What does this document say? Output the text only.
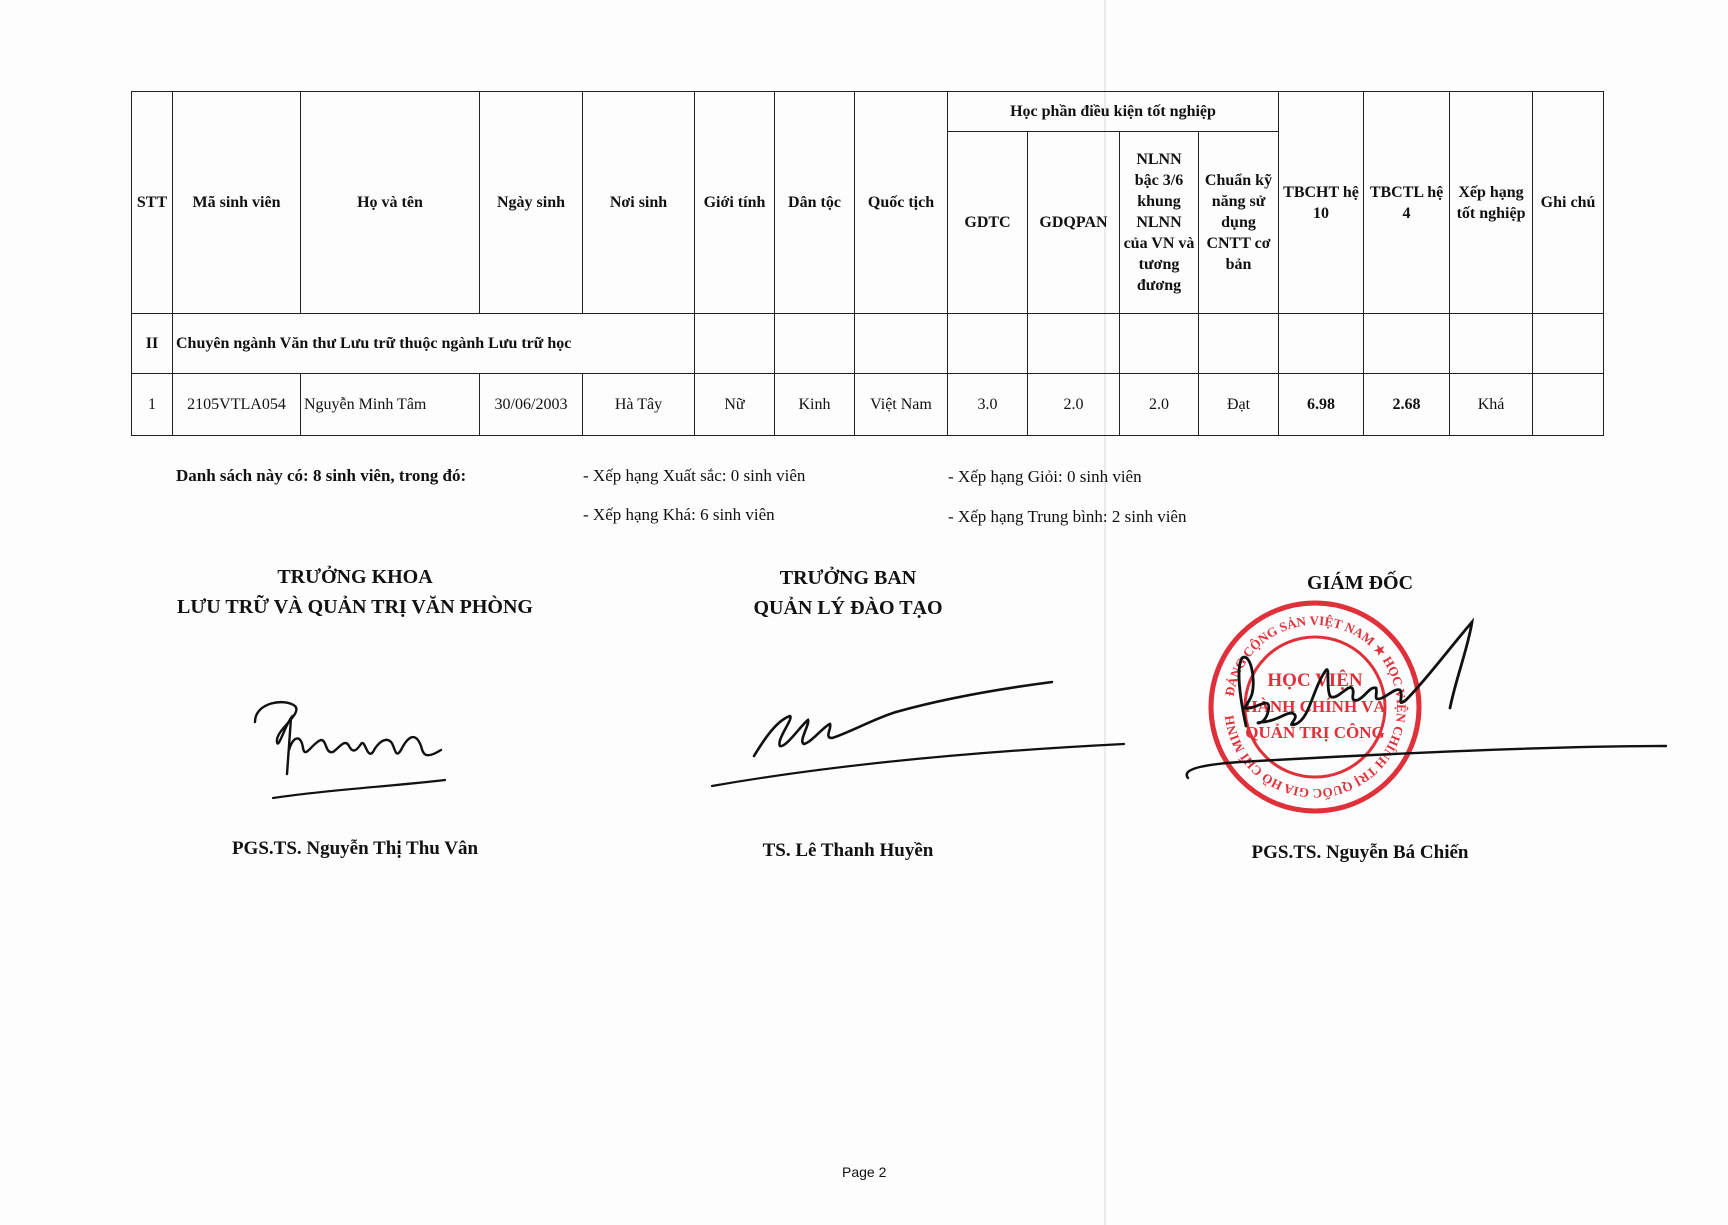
STT	Mã sinh viên	Họ và tên	Ngày sinh	Nơi sinh	Giới tính	Dân tộc	Quốc tịch	Học phần điều kiện tốt nghiệp				TBCHT hệ 10	TBCTL hệ 4	Xếp hạng tốt nghiệp	Ghi chú
								GDTC	GDQPAN	NLNN bậc 3/6 khung NLNN của VN và tương đương	Chuẩn kỹ năng sử dụng CNTT cơ bản				
II	Chuyên ngành Văn thư Lưu trữ thuộc ngành Lưu trữ học														
1	2105VTLA054	Nguyễn Minh Tâm	30/06/2003	Hà Tây	Nữ	Kinh	Việt Nam	3.0	2.0	2.0	Đạt	6.98	2.68	Khá	
Danh sách này có: 8 sinh viên, trong đó:	- Xếp hạng Xuất sắc: 0 sinh viên	- Xếp hạng Giỏi: 0 sinh viên
- Xếp hạng Khá: 6 sinh viên	- Xếp hạng Trung bình: 2 sinh viên
TRƯỞNG KHOA
LƯU TRỮ VÀ QUẢN TRỊ VĂN PHÒNG
PGS.TS. Nguyễn Thị Thu Vân
TRƯỞNG BAN
QUẢN LÝ ĐÀO TẠO
TS. Lê Thanh Huyền
GIÁM ĐỐC
ĐẢNG CỘNG SẢN VIỆT NAM ★ HỌC VIỆN CHÍNH TRỊ QUỐC GIA HỒ CHÍ MINH
HỌC VIỆN
HÀNH CHÍNH VÀ
QUẢN TRỊ CÔNG
PGS.TS. Nguyễn Bá Chiến
Page 2
